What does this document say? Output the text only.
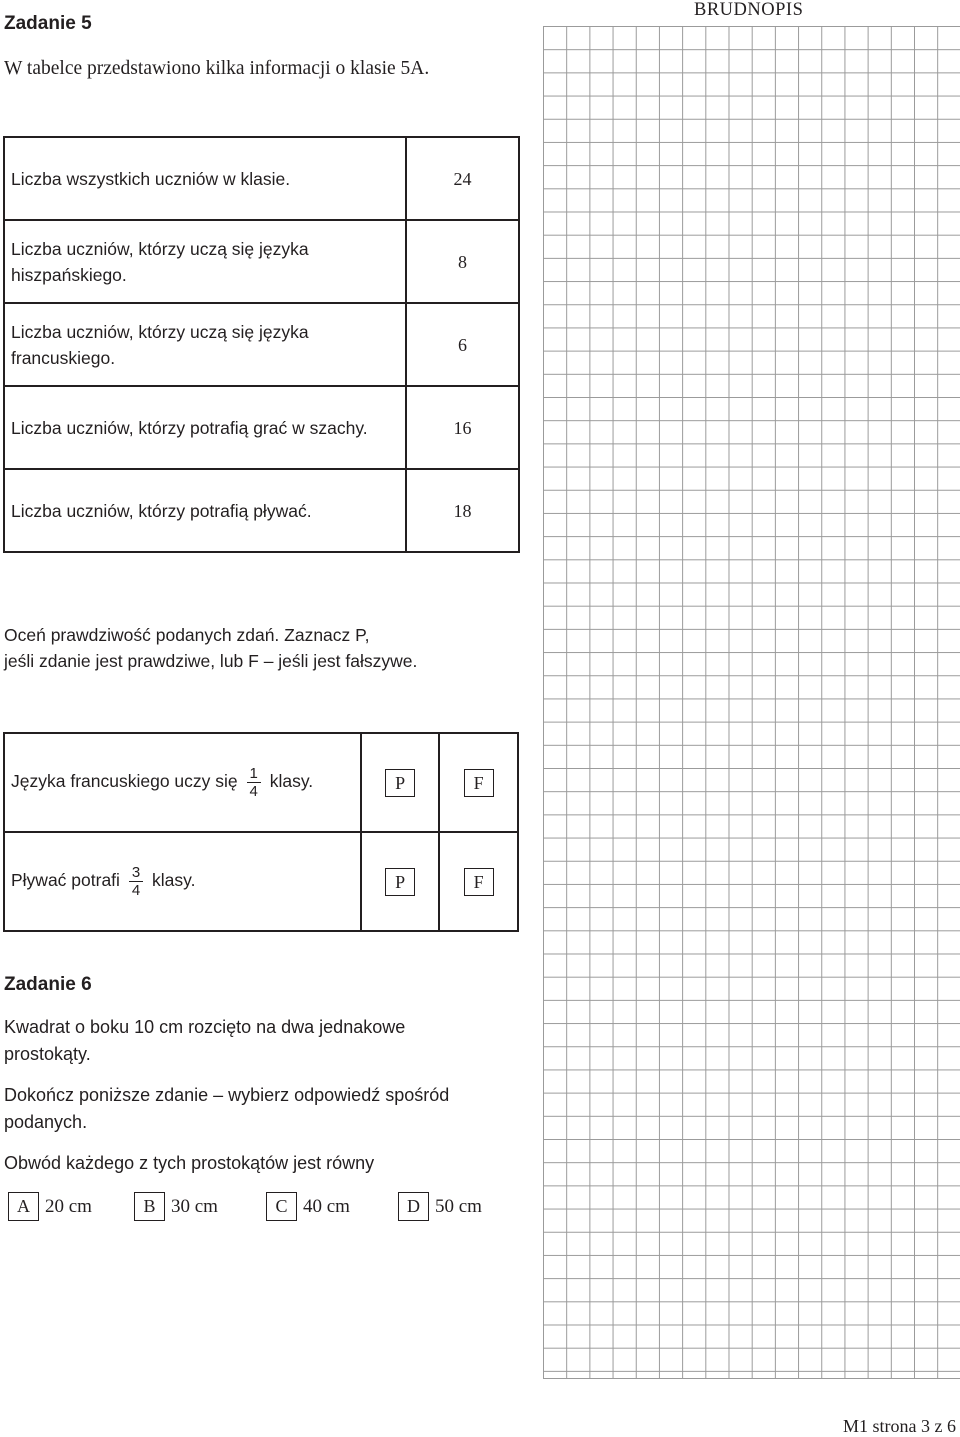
BRUDNOPIS
Zadanie 5
W tabelce przedstawiono kilka informacji o klasie 5A.
Liczba wszystkich uczniów w klasie.	24
Liczba uczniów, którzy uczą się języka hiszpańskiego.	8
Liczba uczniów, którzy uczą się języka francuskiego.	6
Liczba uczniów, którzy potrafią grać w szachy.	16
Liczba uczniów, którzy potrafią pływać.	18
Oceń prawdziwość podanych zdań. Zaznacz P,
jeśli zdanie jest prawdziwe, lub F – jeśli jest fałszywe.
Języka francuskiego uczy się $\frac{1}{4}$ klasy.	P	F
Pływać potrafi $\frac{3}{4}$ klasy.	P	F
Zadanie 6
Kwadrat o boku 10 cm rozcięto na dwa jednakowe prostokąty.
Dokończ poniższe zdanie – wybierz odpowiedź spośród podanych.
Obwód każdego z tych prostokątów jest równy
A 20 cm	B 30 cm	C 40 cm	D 50 cm
M1 strona 3 z 6
